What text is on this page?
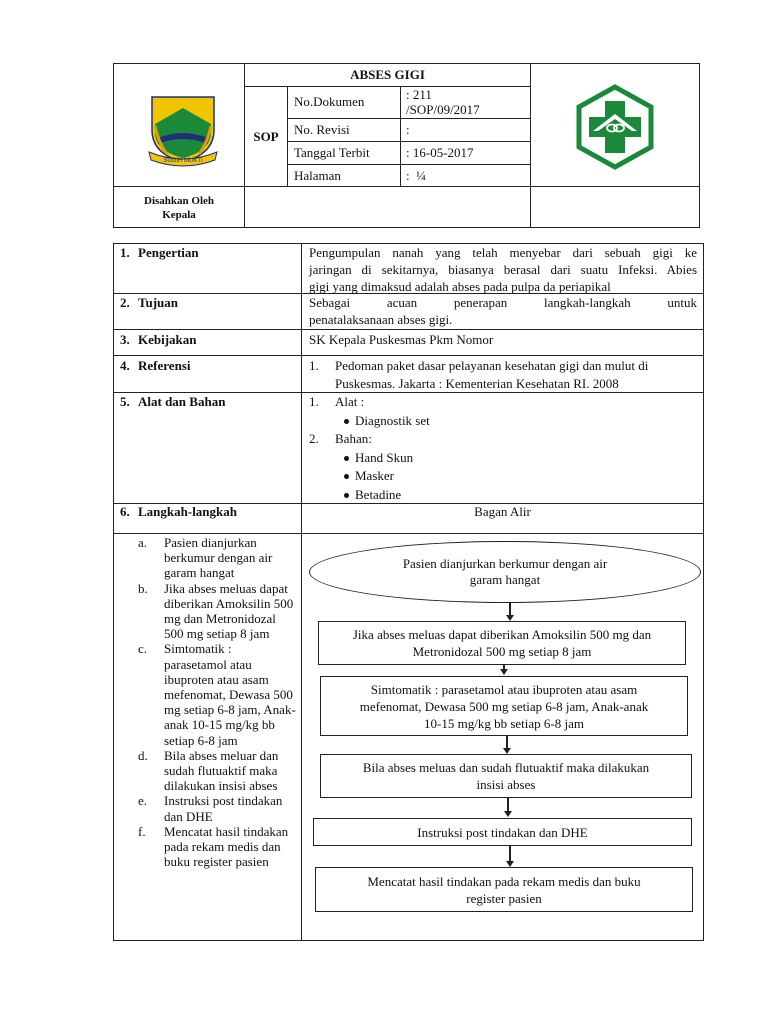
SUGIH MUKTI
ABSES GIGI
SOP
No.Dokumen	: 211
/SOP/09/2017
No. Revisi	:
Tanggal Terbit	: 16-05-2017
Halaman	:  ¼
Disahkan Oleh
Kepala
1. Pengertian	Pengumpulan nanah yang telah menyebar dari sebuah gigi ke
jaringan di sekitarnya, biasanya berasal dari suatu Infeksi. Abies
gigi yang dimaksud adalah abses pada pulpa da periapikal
2. Tujuan	Sebagai acuan penerapan langkah-langkah untuk
penatalaksanaan abses gigi.
3. Kebijakan	SK Kepala Puskesmas Pkm Nomor
4. Referensi	1. Pedoman paket dasar pelayanan kesehatan gigi dan mulut di
Puskesmas. Jakarta : Kementerian Kesehatan RI. 2008
5. Alat dan Bahan	1. Alat :
Diagnostik set
2. Bahan:
Hand Skun
Masker
Betadine
6. Langkah-langkah	Bagan Alir
a. Pasien dianjurkan berkumur dengan air garam hangat
b. Jika abses meluas dapat diberikan Amoksilin 500 mg dan Metronidozal 500 mg setiap 8 jam
c. Simtomatik : parasetamol atau ibuproten atau asam mefenomat, Dewasa 500 mg setiap 6-8 jam, Anak-anak 10-15 mg/kg bb setiap 6-8 jam
d. Bila abses meluar dan sudah flutuaktif maka dilakukan insisi abses
e. Instruksi post tindakan dan DHE
f. Mencatat hasil tindakan pada rekam medis dan buku register pasien
Pasien dianjurkan berkumur dengan air
garam hangat
Jika abses meluas dapat diberikan Amoksilin 500 mg dan
Metronidozal 500 mg setiap 8 jam
Simtomatik : parasetamol atau ibuproten atau asam
mefenomat, Dewasa 500 mg setiap 6-8 jam, Anak-anak
10-15 mg/kg bb setiap 6-8 jam
Bila abses meluas dan sudah flutuaktif maka dilakukan
insisi abses
Instruksi post tindakan dan DHE
Mencatat hasil tindakan pada rekam medis dan buku
register pasien
